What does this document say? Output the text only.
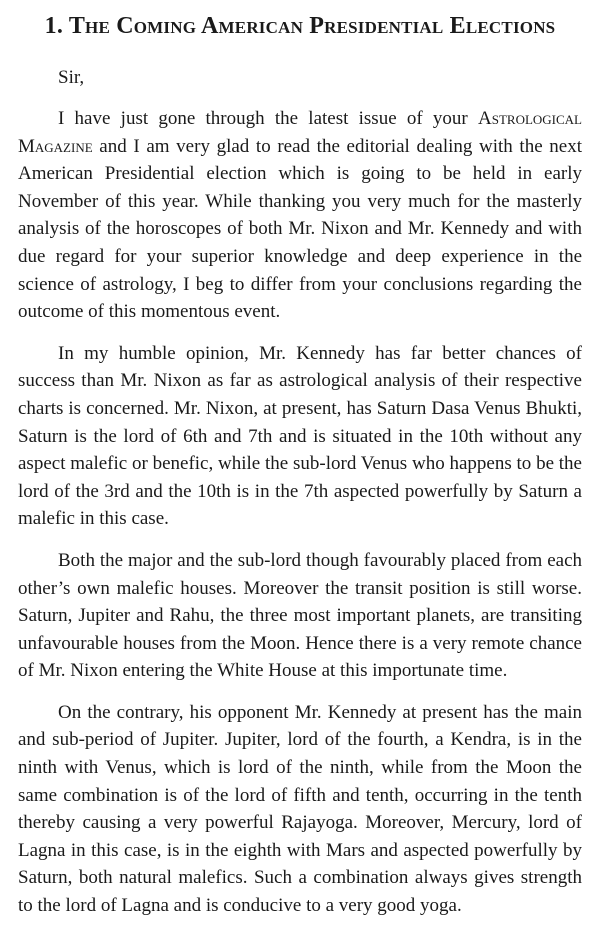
1. The Coming American Presidential Elections

Sir,

I have just gone through the latest issue of your Astrological Magazine and I am very glad to read the editorial dealing with the next American Presidential election which is going to be held in early November of this year. While thanking you very much for the masterly analysis of the horoscopes of both Mr. Nixon and Mr. Kennedy and with due regard for your superior knowledge and deep experience in the science of astrology, I beg to differ from your conclusions regarding the outcome of this momentous event.

In my humble opinion, Mr. Kennedy has far better chances of success than Mr. Nixon as far as astrological analysis of their respective charts is concerned. Mr. Nixon, at present, has Saturn Dasa Venus Bhukti, Saturn is the lord of 6th and 7th and is situated in the 10th without any aspect malefic or benefic, while the sub-lord Venus who happens to be the lord of the 3rd and the 10th is in the 7th aspected powerfully by Saturn a malefic in this case.

Both the major and the sub-lord though favourably placed from each other’s own malefic houses. Moreover the transit position is still worse. Saturn, Jupiter and Rahu, the three most important planets, are transiting unfavourable houses from the Moon. Hence there is a very remote chance of Mr. Nixon entering the White House at this importunate time.

On the contrary, his opponent Mr. Kennedy at present has the main and sub-period of Jupiter. Jupiter, lord of the fourth, a Kendra, is in the ninth with Venus, which is lord of the ninth, while from the Moon the same combination is of the lord of fifth and tenth, occurring in the tenth thereby causing a very powerful Rajayoga. Moreover, Mercury, lord of Lagna in this case, is in the eighth with Mars and aspected powerfully by Saturn, both natural malefics. Such a combination always gives strength to the lord of Lagna and is conducive to a very good yoga.
